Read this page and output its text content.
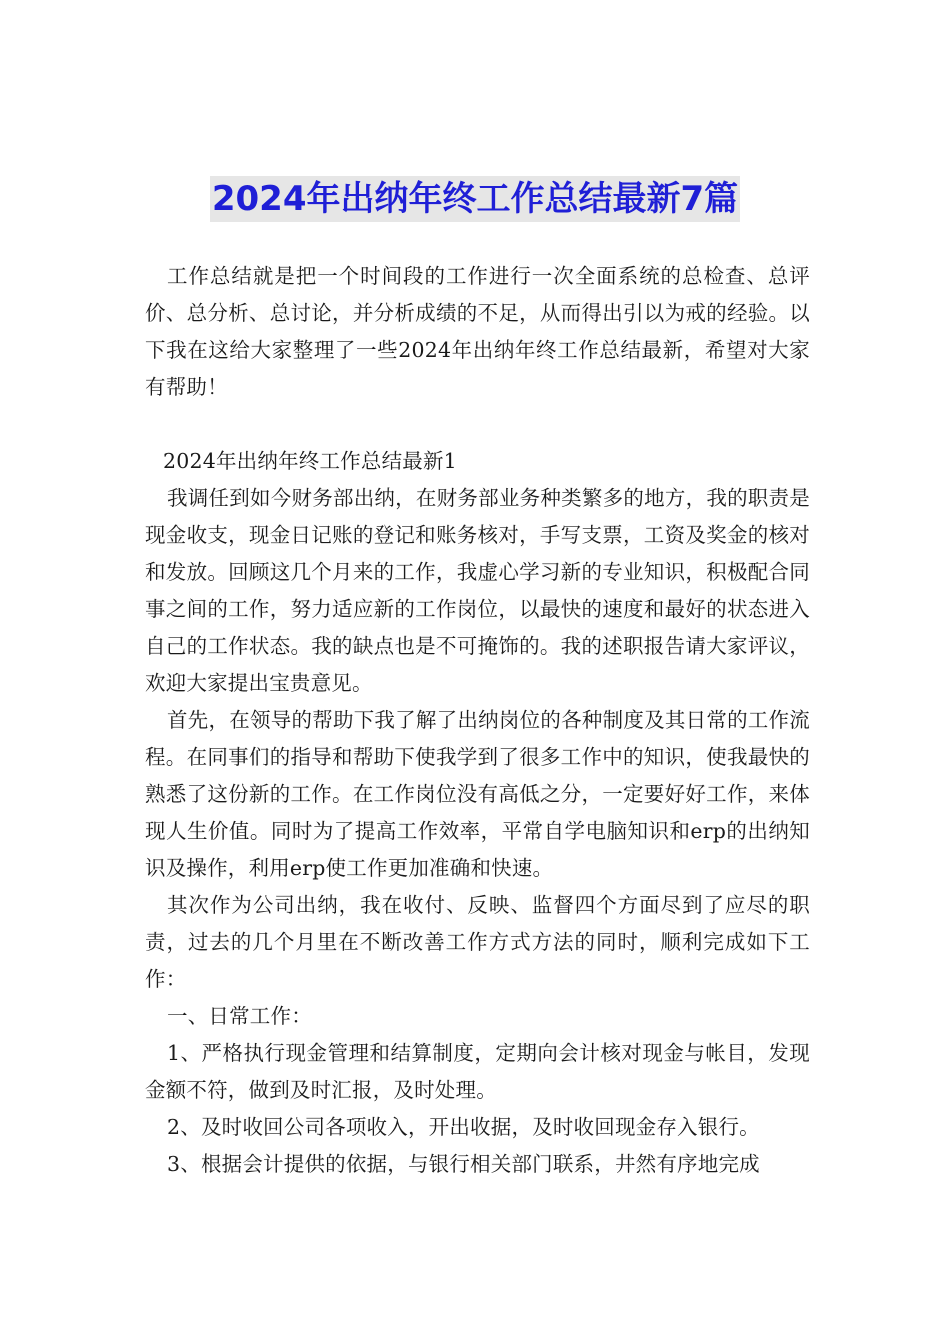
2024年出纳年终工作总结最新7篇

工作总结就是把一个时间段的工作进行一次全面系统的总检查、总评价、总分析、总讨论，并分析成绩的不足，从而得出引以为戒的经验。以下我在这给大家整理了一些2024年出纳年终工作总结最新，希望对大家有帮助！

2024年出纳年终工作总结最新1

我调任到如今财务部出纳，在财务部业务种类繁多的地方，我的职责是现金收支，现金日记账的登记和账务核对，手写支票，工资及奖金的核对和发放。回顾这几个月来的工作，我虚心学习新的专业知识，积极配合同事之间的工作，努力适应新的工作岗位，以最快的速度和最好的状态进入自己的工作状态。我的缺点也是不可掩饰的。我的述职报告请大家评议，欢迎大家提出宝贵意见。

首先，在领导的帮助下我了解了出纳岗位的各种制度及其日常的工作流程。在同事们的指导和帮助下使我学到了很多工作中的知识，使我最快的熟悉了这份新的工作。在工作岗位没有高低之分，一定要好好工作，来体现人生价值。同时为了提高工作效率，平常自学电脑知识和erp的出纳知识及操作，利用erp使工作更加准确和快速。

其次作为公司出纳，我在收付、反映、监督四个方面尽到了应尽的职责，过去的几个月里在不断改善工作方式方法的同时，顺利完成如下工作：

一、日常工作：

1、严格执行现金管理和结算制度，定期向会计核对现金与帐目，发现金额不符，做到及时汇报，及时处理。

2、及时收回公司各项收入，开出收据，及时收回现金存入银行。

3、根据会计提供的依据，与银行相关部门联系，井然有序地完成
